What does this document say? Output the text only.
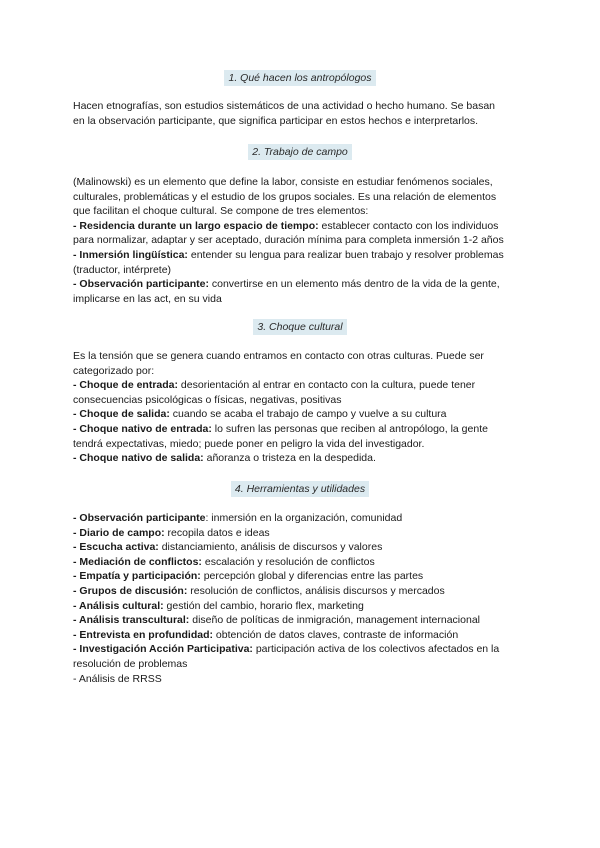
1. Qué hacen los antropólogos
Hacen etnografías, son estudios sistemáticos de una actividad o hecho humano. Se basan
en la observación participante, que significa participar en estos hechos e interpretarlos.
2. Trabajo de campo
(Malinowski) es un elemento que define la labor, consiste en estudiar fenómenos sociales,
culturales, problemáticas y el estudio de los grupos sociales. Es una relación de elementos
que facilitan el choque cultural. Se compone de tres elementos:
- Residencia durante un largo espacio de tiempo: establecer contacto con los individuos
para normalizar, adaptar y ser aceptado, duración mínima para completa inmersión 1-2 años
- Inmersión lingüística: entender su lengua para realizar buen trabajo y resolver problemas
(traductor, intérprete)
- Observación participante: convertirse en un elemento más dentro de la vida de la gente,
implicarse en las act, en su vida
3. Choque cultural
Es la tensión que se genera cuando entramos en contacto con otras culturas. Puede ser
categorizado por:
- Choque de entrada: desorientación al entrar en contacto con la cultura, puede tener
consecuencias psicológicas o físicas, negativas, positivas
- Choque de salida: cuando se acaba el trabajo de campo y vuelve a su cultura
- Choque nativo de entrada: lo sufren las personas que reciben al antropólogo, la gente
tendrá expectativas, miedo; puede poner en peligro la vida del investigador.
- Choque nativo de salida: añoranza o tristeza en la despedida.
4. Herramientas y utilidades
- Observación participante: inmersión en la organización, comunidad
- Diario de campo: recopila datos e ideas
- Escucha activa: distanciamiento, análisis de discursos y valores
- Mediación de conflictos: escalación y resolución de conflictos
- Empatía y participación: percepción global y diferencias entre las partes
- Grupos de discusión: resolución de conflictos, análisis discursos y mercados
- Análisis cultural: gestión del cambio, horario flex, marketing
- Análisis transcultural: diseño de políticas de inmigración, management internacional
- Entrevista en profundidad: obtención de datos claves, contraste de información
- Investigación Acción Participativa: participación activa de los colectivos afectados en la
resolución de problemas
- Análisis de RRSS
